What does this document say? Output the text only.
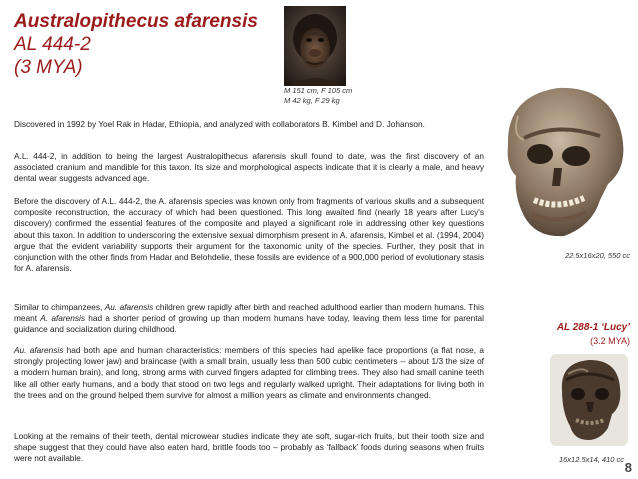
Australopithecus afarensis
AL 444-2
(3 MYA)
M 151 cm, F 105 cm
M 42 kg, F 29 kg

Discovered in 1992 by Yoel Rak in Hadar, Ethiopia, and analyzed with collaborators B. Kimbel and D. Johanson.

A.L. 444-2, in addition to being the largest Australopithecus afarensis skull found to date, was the first discovery of an associated cranium and mandible for this taxon. Its size and morphological aspects indicate that it is clearly a male, and heavy dental wear suggests advanced age.

Before the discovery of A.L. 444-2, the A. afarensis species was known only from fragments of various skulls and a subsequent composite reconstruction, the accuracy of which had been questioned. This long awaited find (nearly 18 years after Lucy's discovery) confirmed the essential features of the composite and played a significant role in addressing other key questions about this taxon. In addition to underscoring the extensive sexual dimorphism present in A. afarensis, Kimbel et al. (1994, 2004) argue that the evident variability supports their argument for the taxonomic unity of the species. Further, they posit that in conjunction with the other finds from Hadar and Belohdelie, these fossils are evidence of a 900,000 period of evolutionary stasis for A. afarensis.

Similar to chimpanzees, Au. afarensis children grew rapidly after birth and reached adulthood earlier than modern humans. This meant A. afarensis had a shorter period of growing up than modern humans have today, leaving them less time for parental guidance and socialization during childhood.

Au. afarensis had both ape and human characteristics: members of this species had apelike face proportions (a flat nose, a strongly projecting lower jaw) and braincase (with a small brain, usually less than 500 cubic centimeters -- about 1/3 the size of a modern human brain), and long, strong arms with curved fingers adapted for climbing trees. They also had small canine teeth like all other early humans, and a body that stood on two legs and regularly walked upright. Their adaptations for living both in the trees and on the ground helped them survive for almost a million years as climate and environments changed.

Looking at the remains of their teeth, dental microwear studies indicate they ate soft, sugar-rich fruits, but their tooth size and shape suggest that they could have also eaten hard, brittle foods too – probably as ‘fallback’ foods during seasons when fruits were not available.

22.5x16x20, 550 cc
AL 288-1 ‘Lucy’
(3.2 MYA)
16x12.5x14, 410 cc
8
